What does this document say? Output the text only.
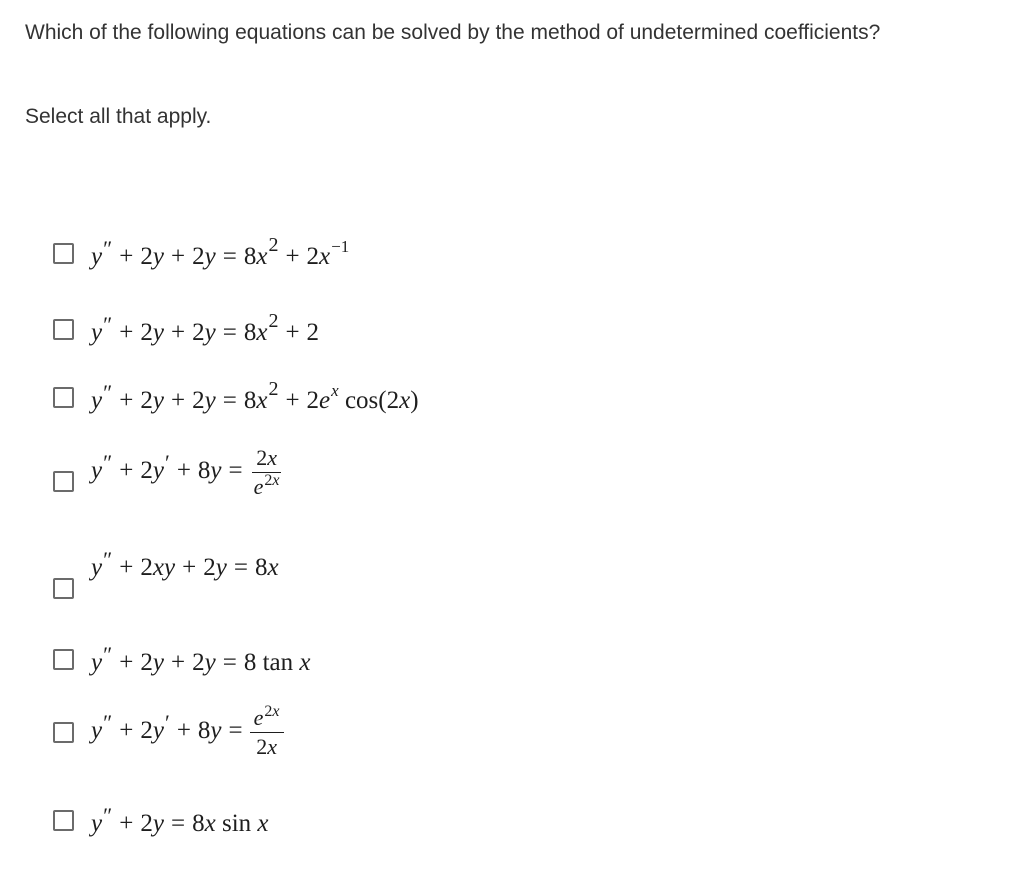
Which of the following equations can be solved by the method of undetermined coefficients?
Select all that apply.
$y'' + 2y + 2y = 8x^2 + 2x^{-1}$
$y'' + 2y + 2y = 8x^2 + 2$
$y'' + 2y + 2y = 8x^2 + 2e^x$ cos(2x)
$y'' + 2y' + 8y = \frac{2x}{e^{2x}}$
y″ + 2xy + 2y = 8x
y″ + 2y + 2y = 8 tan x
$y'' + 2y' + 8y = \frac{e^{2x}}{2x}$
y″ + 2y = 8x sin x
